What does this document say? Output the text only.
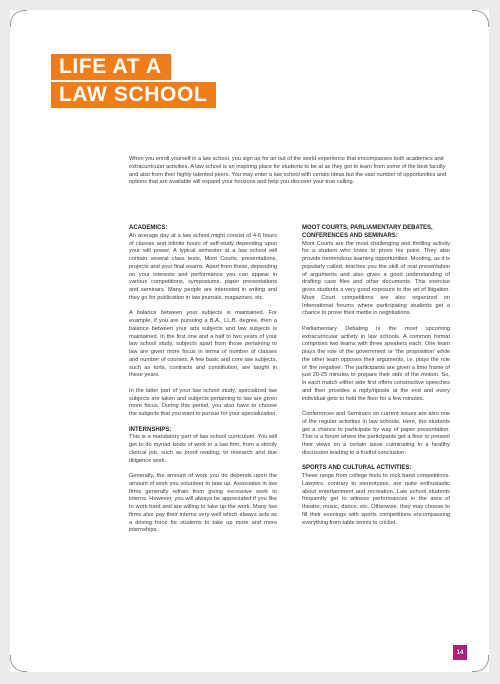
LIFE AT A
LAW SCHOOL

When you enroll yourself in a law school, you sign up for an out of the world experience that encompasses both academics and extracurricular activities. A law school is an inspiring place for students to be at as they get to learn from some of the best faculty and also from their highly talented peers. You may enter a law school with certain ideas but the vast number of opportunities and options that are available will expand your horizons and help you discover your true calling.

ACADEMICS:

An average day at a law school might consist of 4-6 hours of classes and infinite hours of self-study depending upon your will power. A typical semester at a law school will contain several class tests, Moot Courts, presentations, projects and your final exams. Apart from these, depending on your interests and performance you can appear in various competitions, symposiums, paper presentations and seminars. Many people are interested in writing and they go for publication in law journals, magazines, etc.

A balance between your subjects is maintained. For example, if you are pursuing a B.A., LL.B. degree, then a balance between your arts subjects and law subjects is maintained. In the first one and a half to two years of your law school study, subjects apart from those pertaining to law are given more focus in terms of number of classes and number of courses. A few basic and core law subjects, such as torts, contracts and constitution, are taught in these years.

In the latter part of your law school study, specialized law subjects are taken and subjects pertaining to law are given more focus. During this period, you also have to choose the subjects that you want to pursue for your specialization.

INTERNSHIPS:

This is a mandatory part of law school curriculum. You will get to do myriad kinds of work in a law firm, from a strictly clerical job, such as proof reading, to research and due diligence work.

Generally, the amount of work you do depends upon the amount of work you volunteer to take up. Associates in law firms generally refrain from giving excessive work to interns. However, you will always be appreciated if you like to work hard and are willing to take up the work. Many law firms also pay their interns very well which always acts as a driving force for students to take up more and more internships.

MOOT COURTS, PARLIAMENTARY DEBATES, CONFERENCES AND SEMINARS:

Moot Courts are the most challenging and thrilling activity for a student who loves to prove his point. They also provide tremendous learning opportunities. Mooting, as it is popularly called, teaches you the skill of oral presentation of arguments and also gives a good understanding of drafting case files and other documents. This exercise gives students a very good exposure to the art of litigation. Moot Court competitions are also organized on International forums where participating students get a chance to prove their mettle in negotiations.

Parliamentary Debating is the most upcoming extracurricular activity in law schools. A common format comprises two teams with three speakers each. One team plays the role of the government or 'the proposition' while the other team opposes their arguments, i.e. plays the role of 'the negative'. The participants are given a time frame of just 20-25 minutes to prepare their side of the motion. So, in each match either side first offers constructive speeches and then provides a reply/riposte at the end and every individual gets to hold the floor for a few minutes.

Conferences and Seminars on current issues are also one of the regular activities in law schools. Here, the students get a chance to participate by way of paper presentation. This is a forum where the participants get a floor to present their views on a certain issue culminating in a healthy discussion leading to a fruitful conclusion.

SPORTS AND CULTURAL ACTIVITIES:

These range from college fests to rock band competitions. Lawyers, contrary to stereotypes, are quite enthusiastic about entertainment and recreation. Law school students frequently get to witness performances in the area of theatre, music, dance, etc. Otherwise, they may choose to fill their evenings with sports competitions encompassing everything from table tennis to cricket.

14
